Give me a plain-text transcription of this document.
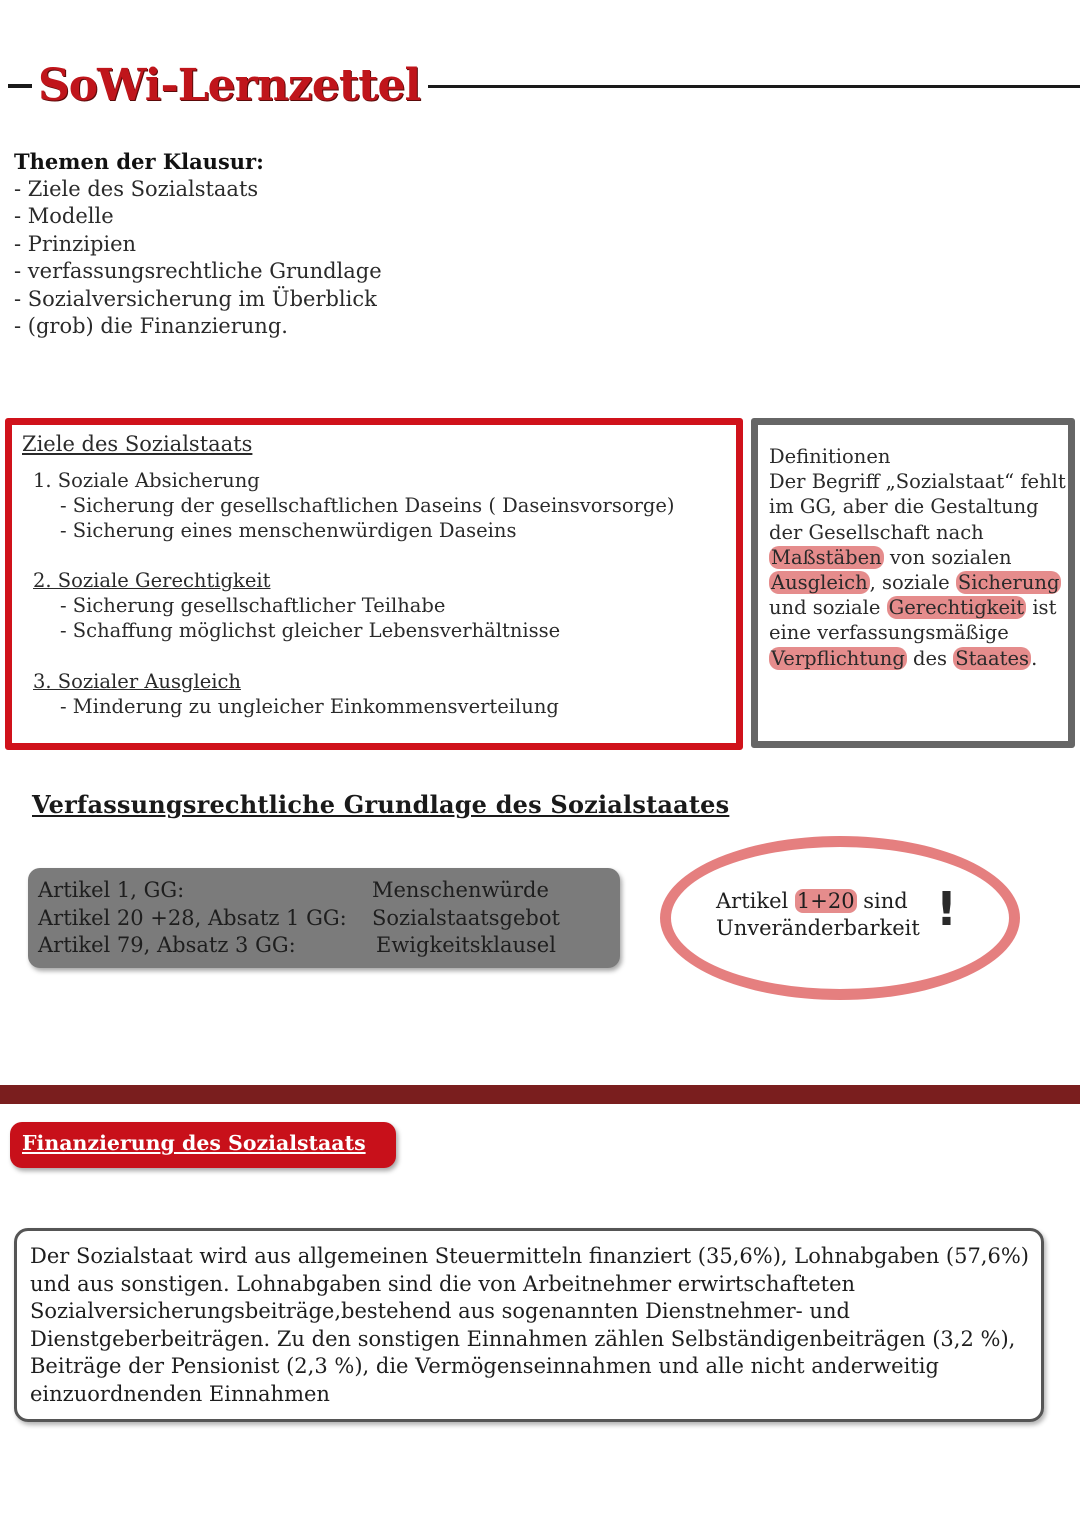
SoWi-Lernzettel
Themen der Klausur:
- Ziele des Sozialstaats
- Modelle
- Prinzipien
- verfassungsrechtliche Grundlage
- Sozialversicherung im Überblick
- (grob) die Finanzierung.
Ziele des Sozialstaats
1. Soziale Absicherung
- Sicherung der gesellschaftlichen Daseins ( Daseinsvorsorge)
- Sicherung eines menschenwürdigen Daseins
2. Soziale Gerechtigkeit
- Sicherung gesellschaftlicher Teilhabe
- Schaffung möglichst gleicher Lebensverhältnisse
3. Sozialer Ausgleich
- Minderung zu ungleicher Einkommensverteilung
Definitionen
Der Begriff „Sozialstaat“ fehlt im GG, aber die Gestaltung der Gesellschaft nach Maßstäben von sozialen Ausgleich , soziale Sicherung und soziale Gerechtigkeit ist eine verfassungsmäßige Verpflichtung des Staates .
Verfassungsrechtliche Grundlage des Sozialstaates
Artikel 1, GG:	Menschenwürde
Artikel 20 +28, Absatz 1 GG: Sozialstaatsgebot
Artikel 79, Absatz 3 GG:	Ewigkeitsklausel
Artikel 1+20 sind
Unveränderbarkeit !
Finanzierung des Sozialstaats
Der Sozialstaat wird aus allgemeinen Steuermitteln finanziert (35,6%), Lohnabgaben (57,6%) und aus sonstigen. Lohnabgaben sind die von Arbeitnehmer erwirtschafteten Sozialversicherungsbeiträge,bestehend aus sogenannten Dienstnehmer- und Dienstgeberbeiträgen. Zu den sonstigen Einnahmen zählen Selbständigenbeiträgen (3,2 %), Beiträge der Pensionist (2,3 %), die Vermögenseinnahmen und alle nicht anderweitig einzuordnenden Einnahmen
